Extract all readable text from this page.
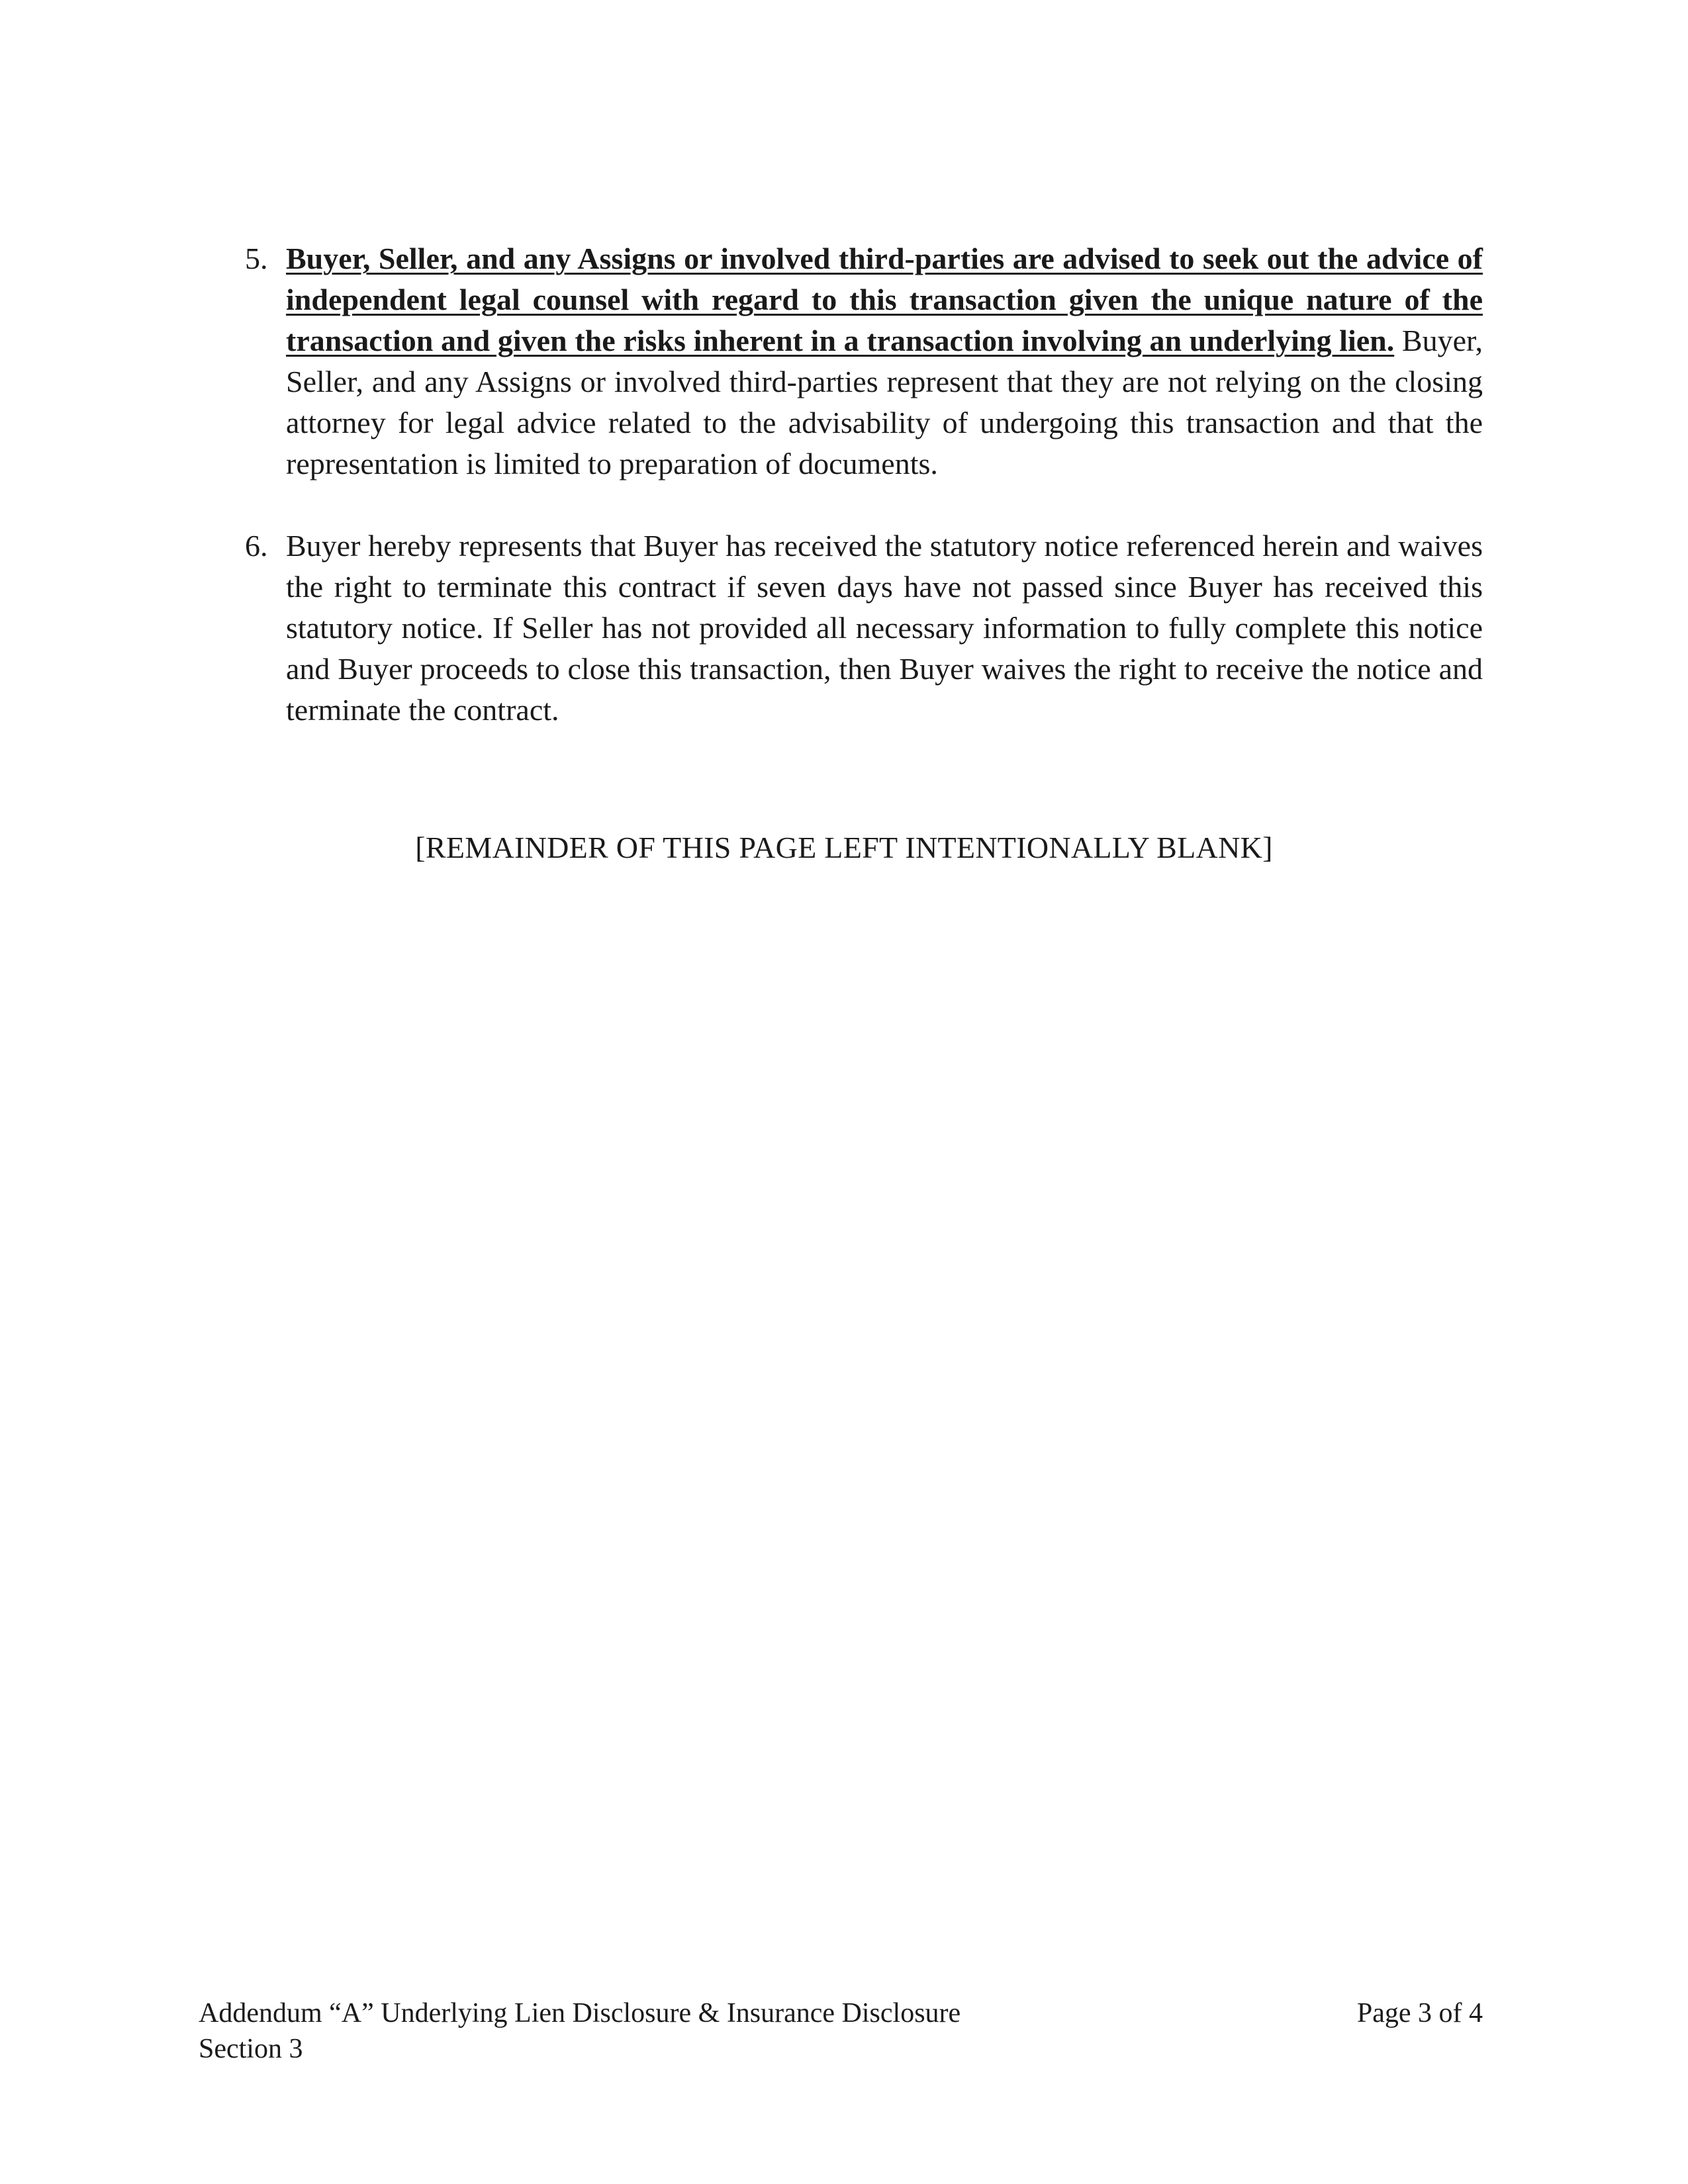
5. Buyer, Seller, and any Assigns or involved third-parties are advised to seek out the advice of independent legal counsel with regard to this transaction given the unique nature of the transaction and given the risks inherent in a transaction involving an underlying lien. Buyer, Seller, and any Assigns or involved third-parties represent that they are not relying on the closing attorney for legal advice related to the advisability of undergoing this transaction and that the representation is limited to preparation of documents.
6. Buyer hereby represents that Buyer has received the statutory notice referenced herein and waives the right to terminate this contract if seven days have not passed since Buyer has received this statutory notice. If Seller has not provided all necessary information to fully complete this notice and Buyer proceeds to close this transaction, then Buyer waives the right to receive the notice and terminate the contract.
[REMAINDER OF THIS PAGE LEFT INTENTIONALLY BLANK]
Addendum “A” Underlying Lien Disclosure & Insurance Disclosure	Page 3 of 4
Section 3
